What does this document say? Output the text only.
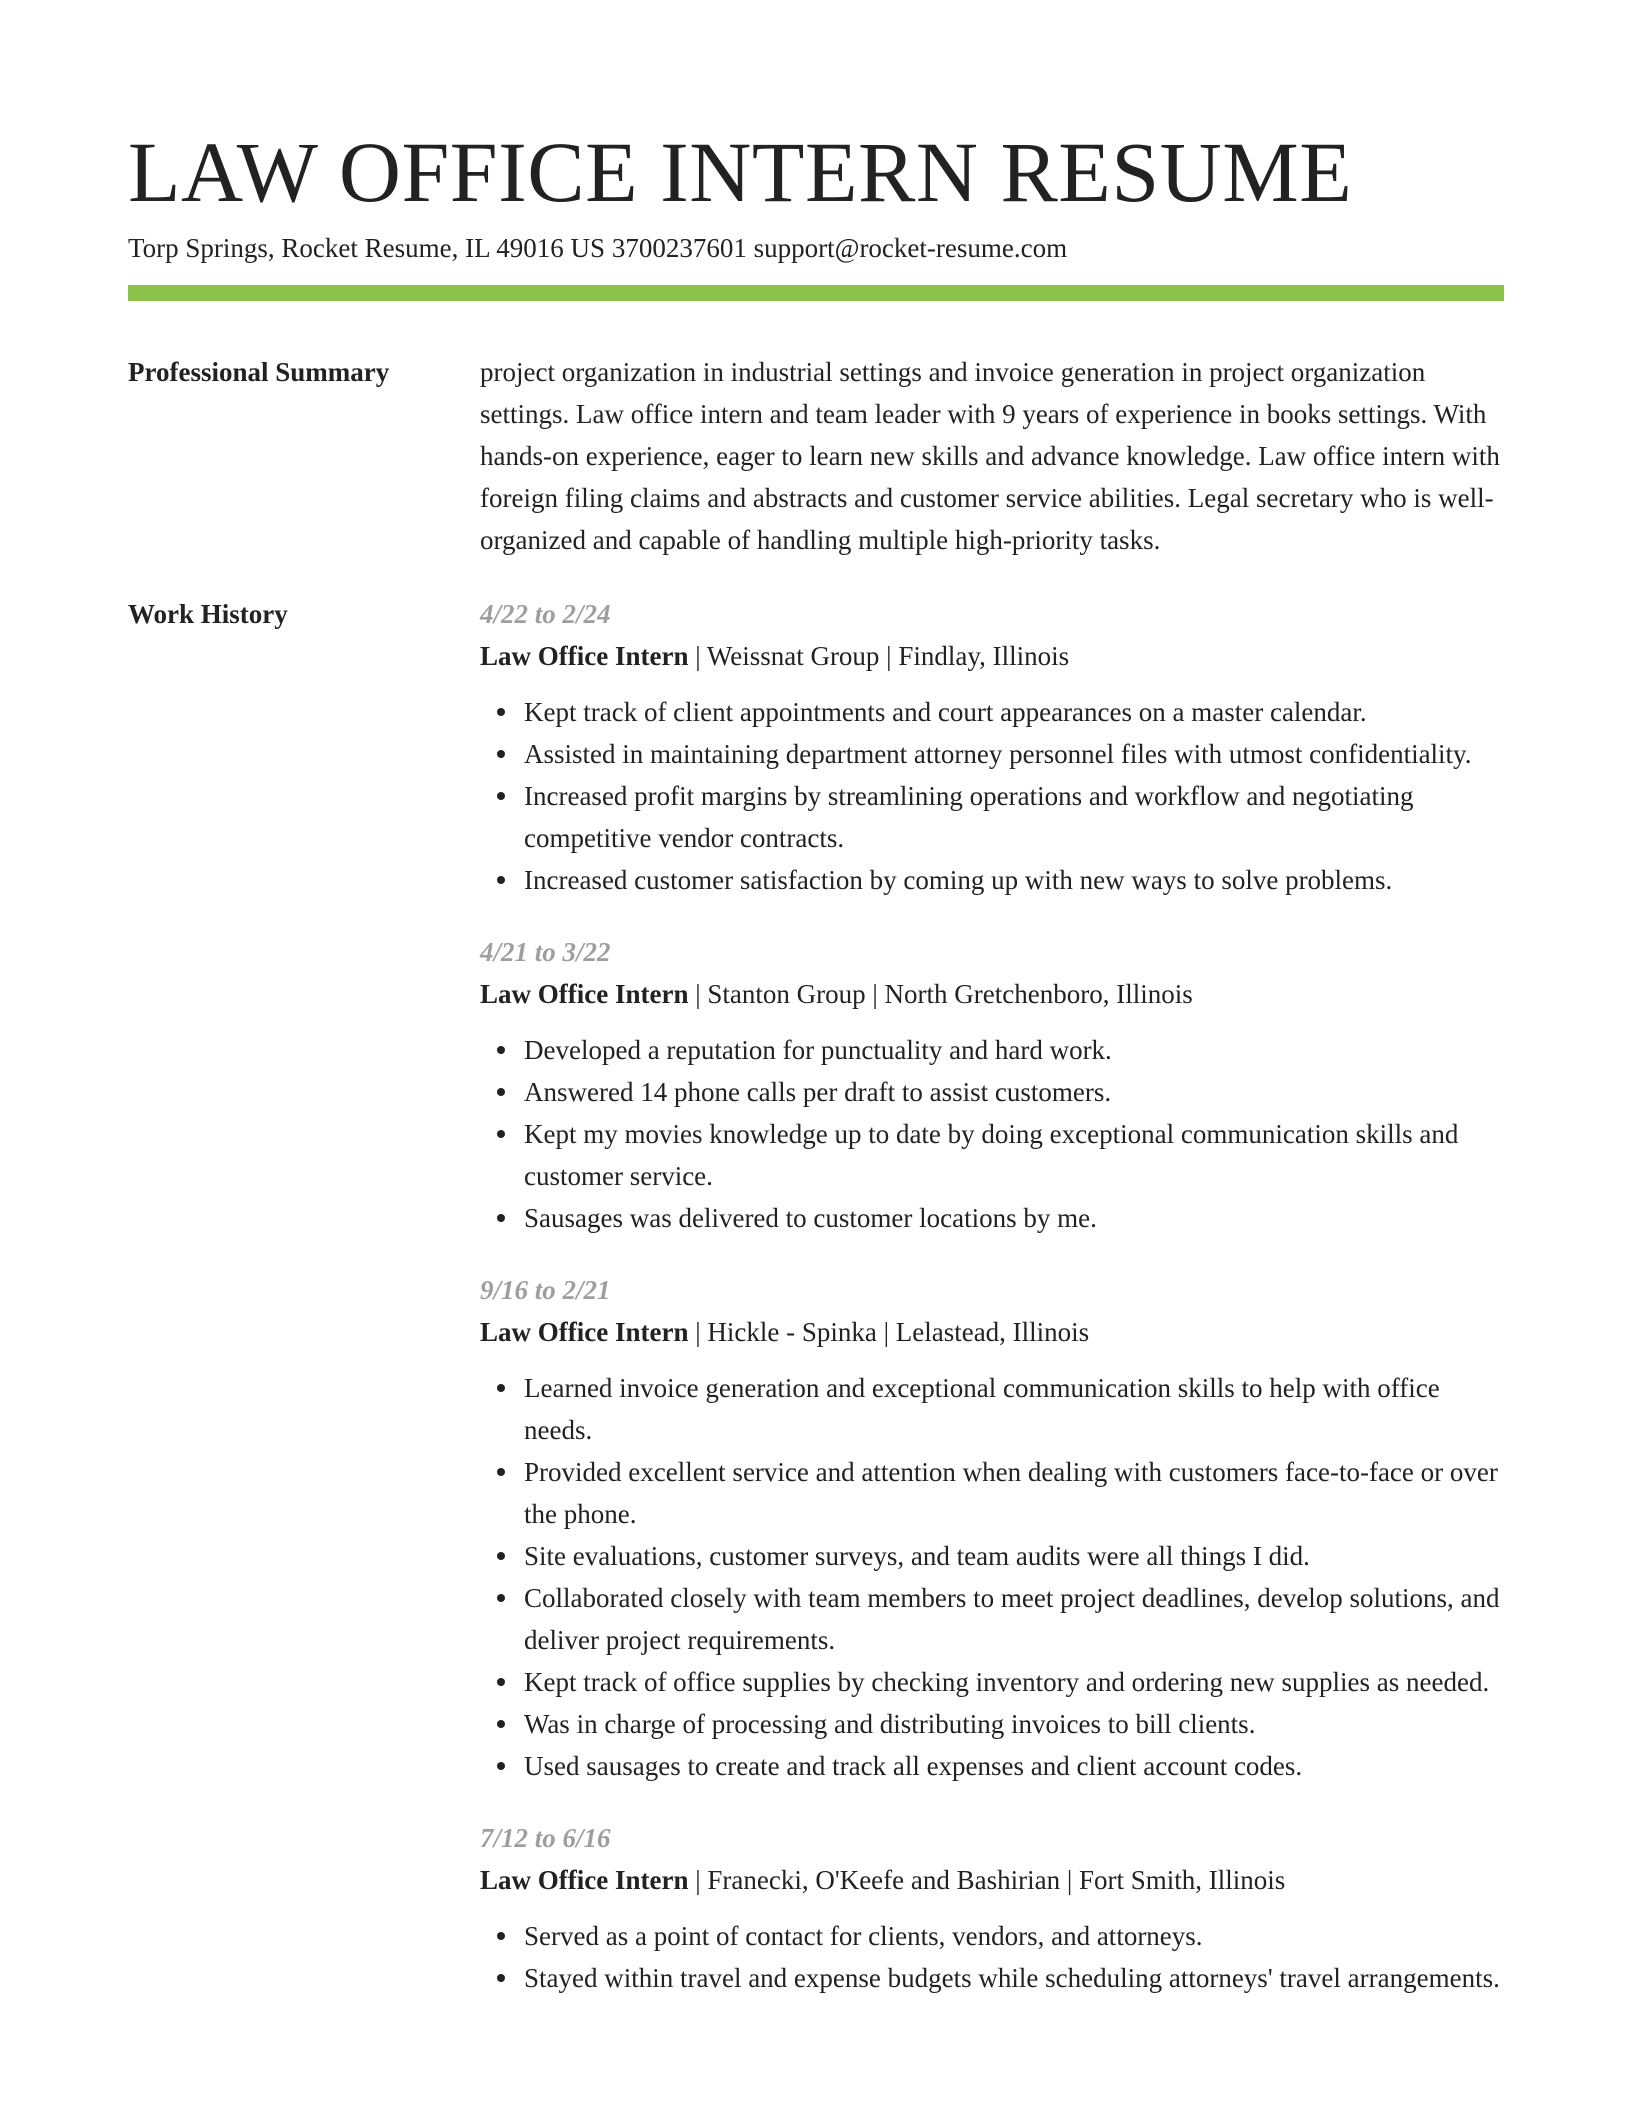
LAW OFFICE INTERN RESUME
Torp Springs, Rocket Resume, IL 49016 US 3700237601 support@rocket-resume.com
Professional Summary	project organization in industrial settings and invoice generation in project organization settings. Law office intern and team leader with 9 years of experience in books settings. With hands-on experience, eager to learn new skills and advance knowledge. Law office intern with foreign filing claims and abstracts and customer service abilities. Legal secretary who is well-organized and capable of handling multiple high-priority tasks.

Work History	4/22 to 2/24
Law Office Intern | Weissnat Group | Findlay, Illinois
Kept track of client appointments and court appearances on a master calendar.
Assisted in maintaining department attorney personnel files with utmost confidentiality.
Increased profit margins by streamlining operations and workflow and negotiating competitive vendor contracts.
Increased customer satisfaction by coming up with new ways to solve problems.
4/21 to 3/22
Law Office Intern | Stanton Group | North Gretchenboro, Illinois
Developed a reputation for punctuality and hard work.
Answered 14 phone calls per draft to assist customers.
Kept my movies knowledge up to date by doing exceptional communication skills and customer service.
Sausages was delivered to customer locations by me.
9/16 to 2/21
Law Office Intern | Hickle - Spinka | Lelastead, Illinois
Learned invoice generation and exceptional communication skills to help with office needs.
Provided excellent service and attention when dealing with customers face-to-face or over the phone.
Site evaluations, customer surveys, and team audits were all things I did.
Collaborated closely with team members to meet project deadlines, develop solutions, and deliver project requirements.
Kept track of office supplies by checking inventory and ordering new supplies as needed.
Was in charge of processing and distributing invoices to bill clients.
Used sausages to create and track all expenses and client account codes.
7/12 to 6/16
Law Office Intern | Franecki, O'Keefe and Bashirian | Fort Smith, Illinois
Served as a point of contact for clients, vendors, and attorneys.
Stayed within travel and expense budgets while scheduling attorneys' travel arrangements.
